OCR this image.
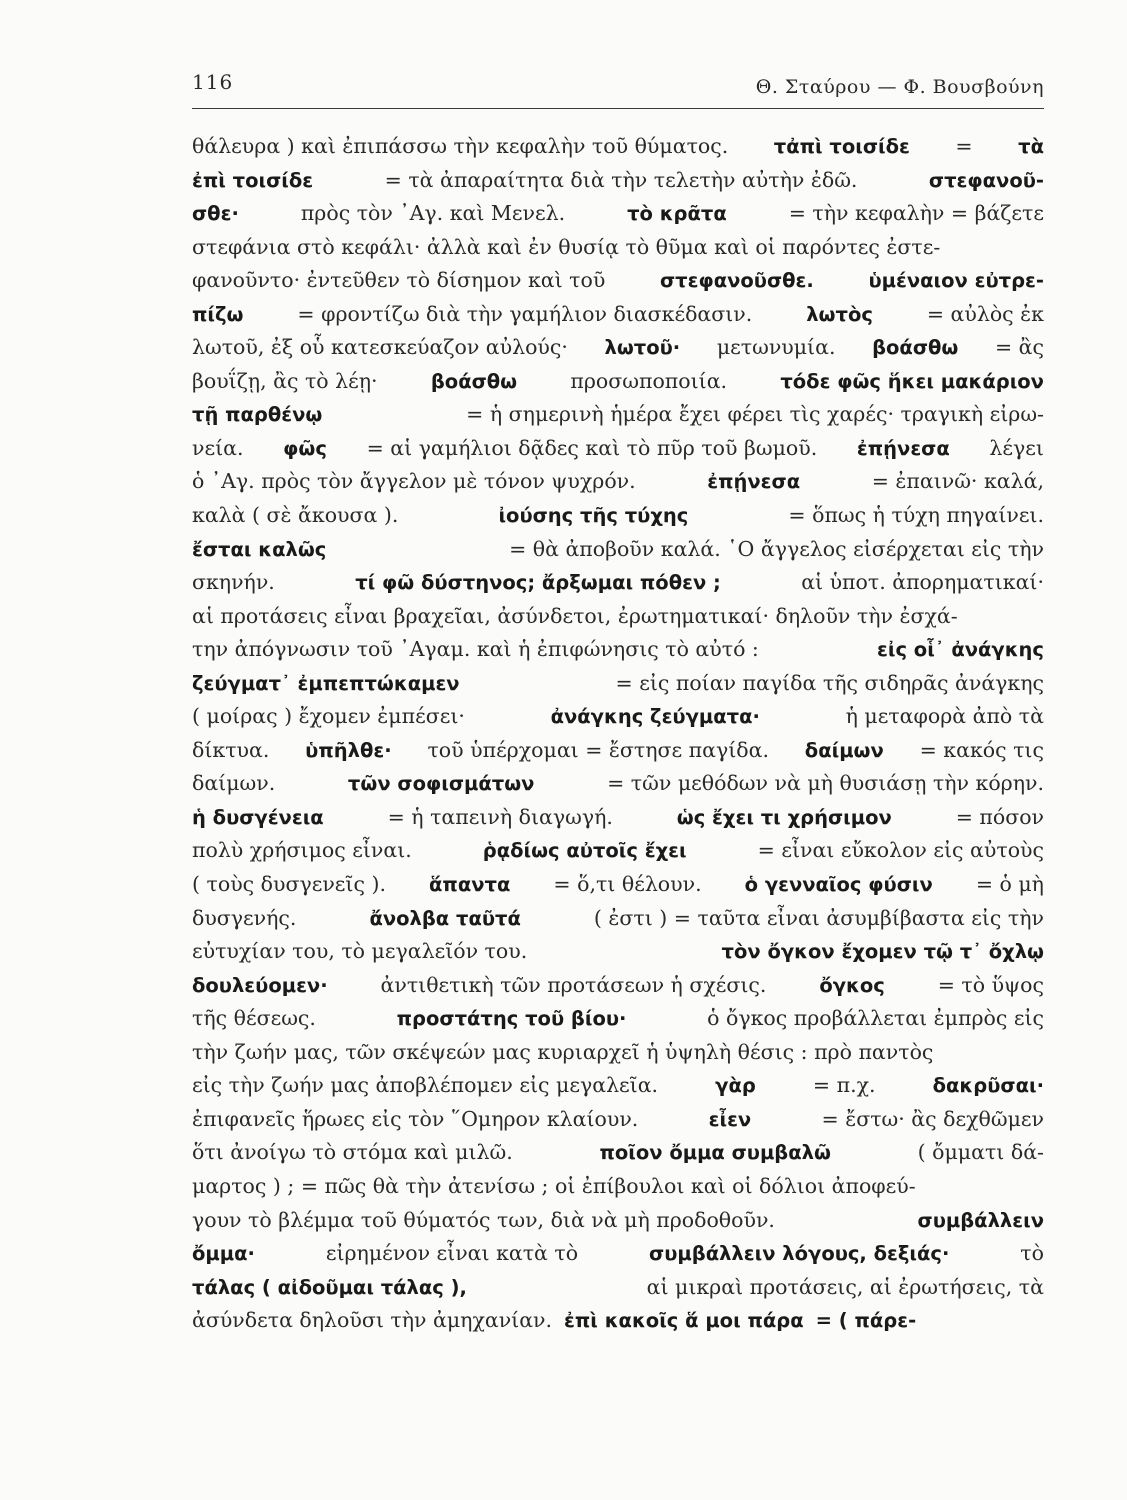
116	Θ. Σταύρου — Φ. Βουσβούνη
θάλευρα ) καὶ ἐπιπάσσω τὴν κεφαλὴν τοῦ θύματος. τἀπὶ τοισίδε = τὰ
ἐπὶ τοισίδε	= τὰ ἀπαραίτητα διὰ τὴν τελετὴν αὐτὴν ἐδῶ.	στεφανοῦ-
σθε·	πρὸς τὸν ᾿Αγ. καὶ Μενελ.	τὸ κρᾶτα	= τὴν κεφαλὴν = βάζετε
στεφάνια στὸ κεφάλι· ἀλλὰ καὶ ἐν θυσίᾳ τὸ θῦμα καὶ οἱ παρόντες ἐστε-
φανοῦντο· ἐντεῦθεν τὸ δίσημον καὶ τοῦ	στεφανοῦσθε.	ὑμέναιον εὐτρε-
πίζω	= φροντίζω διὰ τὴν γαμήλιον διασκέδασιν.	λωτὸς	= αὐλὸς ἐκ
λωτοῦ, ἐξ οὗ κατεσκεύαζον αὐλούς· λωτοῦ· μετωνυμία. βοάσθω = ἂς
βουΐζῃ, ἂς τὸ λέῃ·	βοάσθω	προσωποποιία.	τόδε φῶς ἥκει μακάριον
τῇ παρθένῳ	= ἡ σημερινὴ ἡμέρα ἔχει φέρει τὶς χαρές· τραγικὴ εἰρω-
νεία. φῶς = αἱ γαμήλιοι δᾷδες καὶ τὸ πῦρ τοῦ βωμοῦ. ἐπῄνεσα λέγει
ὁ ᾿Αγ. πρὸς τὸν ἄγγελον μὲ τόνον ψυχρόν.	ἐπῄνεσα	= ἐπαινῶ· καλά,
καλὰ ( σὲ ἄκουσα ).	ἰούσης τῆς τύχης	= ὅπως ἡ τύχη πηγαίνει.
ἔσται καλῶς	= θὰ ἀποβοῦν καλά. ῾Ο ἄγγελος εἰσέρχεται εἰς τὴν
σκηνήν.	τί φῶ δύστηνος; ἄρξωμαι πόθεν ;	αἱ ὑποτ. ἀπορηματικαί·
αἱ προτάσεις εἶναι βραχεῖαι, ἀσύνδετοι, ἐρωτηματικαί· δηλοῦν τὴν ἐσχά-
την ἀπόγνωσιν τοῦ ᾿Αγαμ. καὶ ἡ ἐπιφώνησις τὸ αὐτό :	εἰς οἷ᾽ ἀνάγκης
ζεύγματ᾽ ἐμπεπτώκαμεν	= εἰς ποίαν παγίδα τῆς σιδηρᾶς ἀνάγκης
( μοίρας ) ἔχομεν ἐμπέσει·	ἀνάγκης ζεύγματα·	ἡ μεταφορὰ ἀπὸ τὰ
δίκτυα. ὑπῆλθε· τοῦ ὑπέρχομαι = ἔστησε παγίδα. δαίμων = κακός τις
δαίμων.	τῶν σοφισμάτων	= τῶν μεθόδων νὰ μὴ θυσιάσῃ τὴν κόρην.
ἡ δυσγένεια	= ἡ ταπεινὴ διαγωγή.	ὡς ἔχει τι χρήσιμον	= πόσον
πολὺ χρήσιμος εἶναι.	ῥᾳδίως αὐτοῖς ἔχει	= εἶναι εὔκολον εἰς αὐτοὺς
( τοὺς δυσγενεῖς ). ἅπαντα = ὅ,τι θέλουν. ὁ γενναῖος φύσιν = ὁ μὴ
δυσγενής.	ἄνολβα ταῦτά	( ἐστι ) = ταῦτα εἶναι ἀσυμβίβαστα εἰς τὴν
εὐτυχίαν του, τὸ μεγαλεῖόν του.	τὸν ὄγκον ἔχομεν τῷ τ᾽ ὄχλῳ
δουλεύομεν·	ἀντιθετικὴ τῶν προτάσεων ἡ σχέσις.	ὄγκος	= τὸ ὕψος
τῆς θέσεως.	προστάτης τοῦ βίου·	ὁ ὄγκος προβάλλεται ἐμπρὸς εἰς
τὴν ζωήν μας, τῶν σκέψεών μας κυριαρχεῖ ἡ ὑψηλὴ θέσις : πρὸ παντὸς
εἰς τὴν ζωήν μας ἀποβλέπομεν εἰς μεγαλεῖα.	γὰρ	= π.χ.	δακρῦσαι·
ἐπιφανεῖς ἥρωες εἰς τὸν ῞Ομηρον κλαίουν.	εἶεν	= ἔστω· ἂς δεχθῶμεν
ὅτι ἀνοίγω τὸ στόμα καὶ μιλῶ.	ποῖον ὄμμα συμβαλῶ	( ὄμματι δά-
μαρτος ) ; = πῶς θὰ τὴν ἀτενίσω ; οἱ ἐπίβουλοι καὶ οἱ δόλιοι ἀποφεύ-
γουν τὸ βλέμμα τοῦ θύματός των, διὰ νὰ μὴ προδοθοῦν.	συμβάλλειν
ὄμμα·	εἰρημένον εἶναι κατὰ τὸ	συμβάλλειν λόγους, δεξιάς·	τὸ
τάλας ( αἰδοῦμαι τάλας ),	αἱ μικραὶ προτάσεις, αἱ ἐρωτήσεις, τὰ
ἀσύνδετα δηλοῦσι τὴν ἀμηχανίαν. ἐπὶ κακοῖς ἅ μοι πάρα = ( πάρε-
